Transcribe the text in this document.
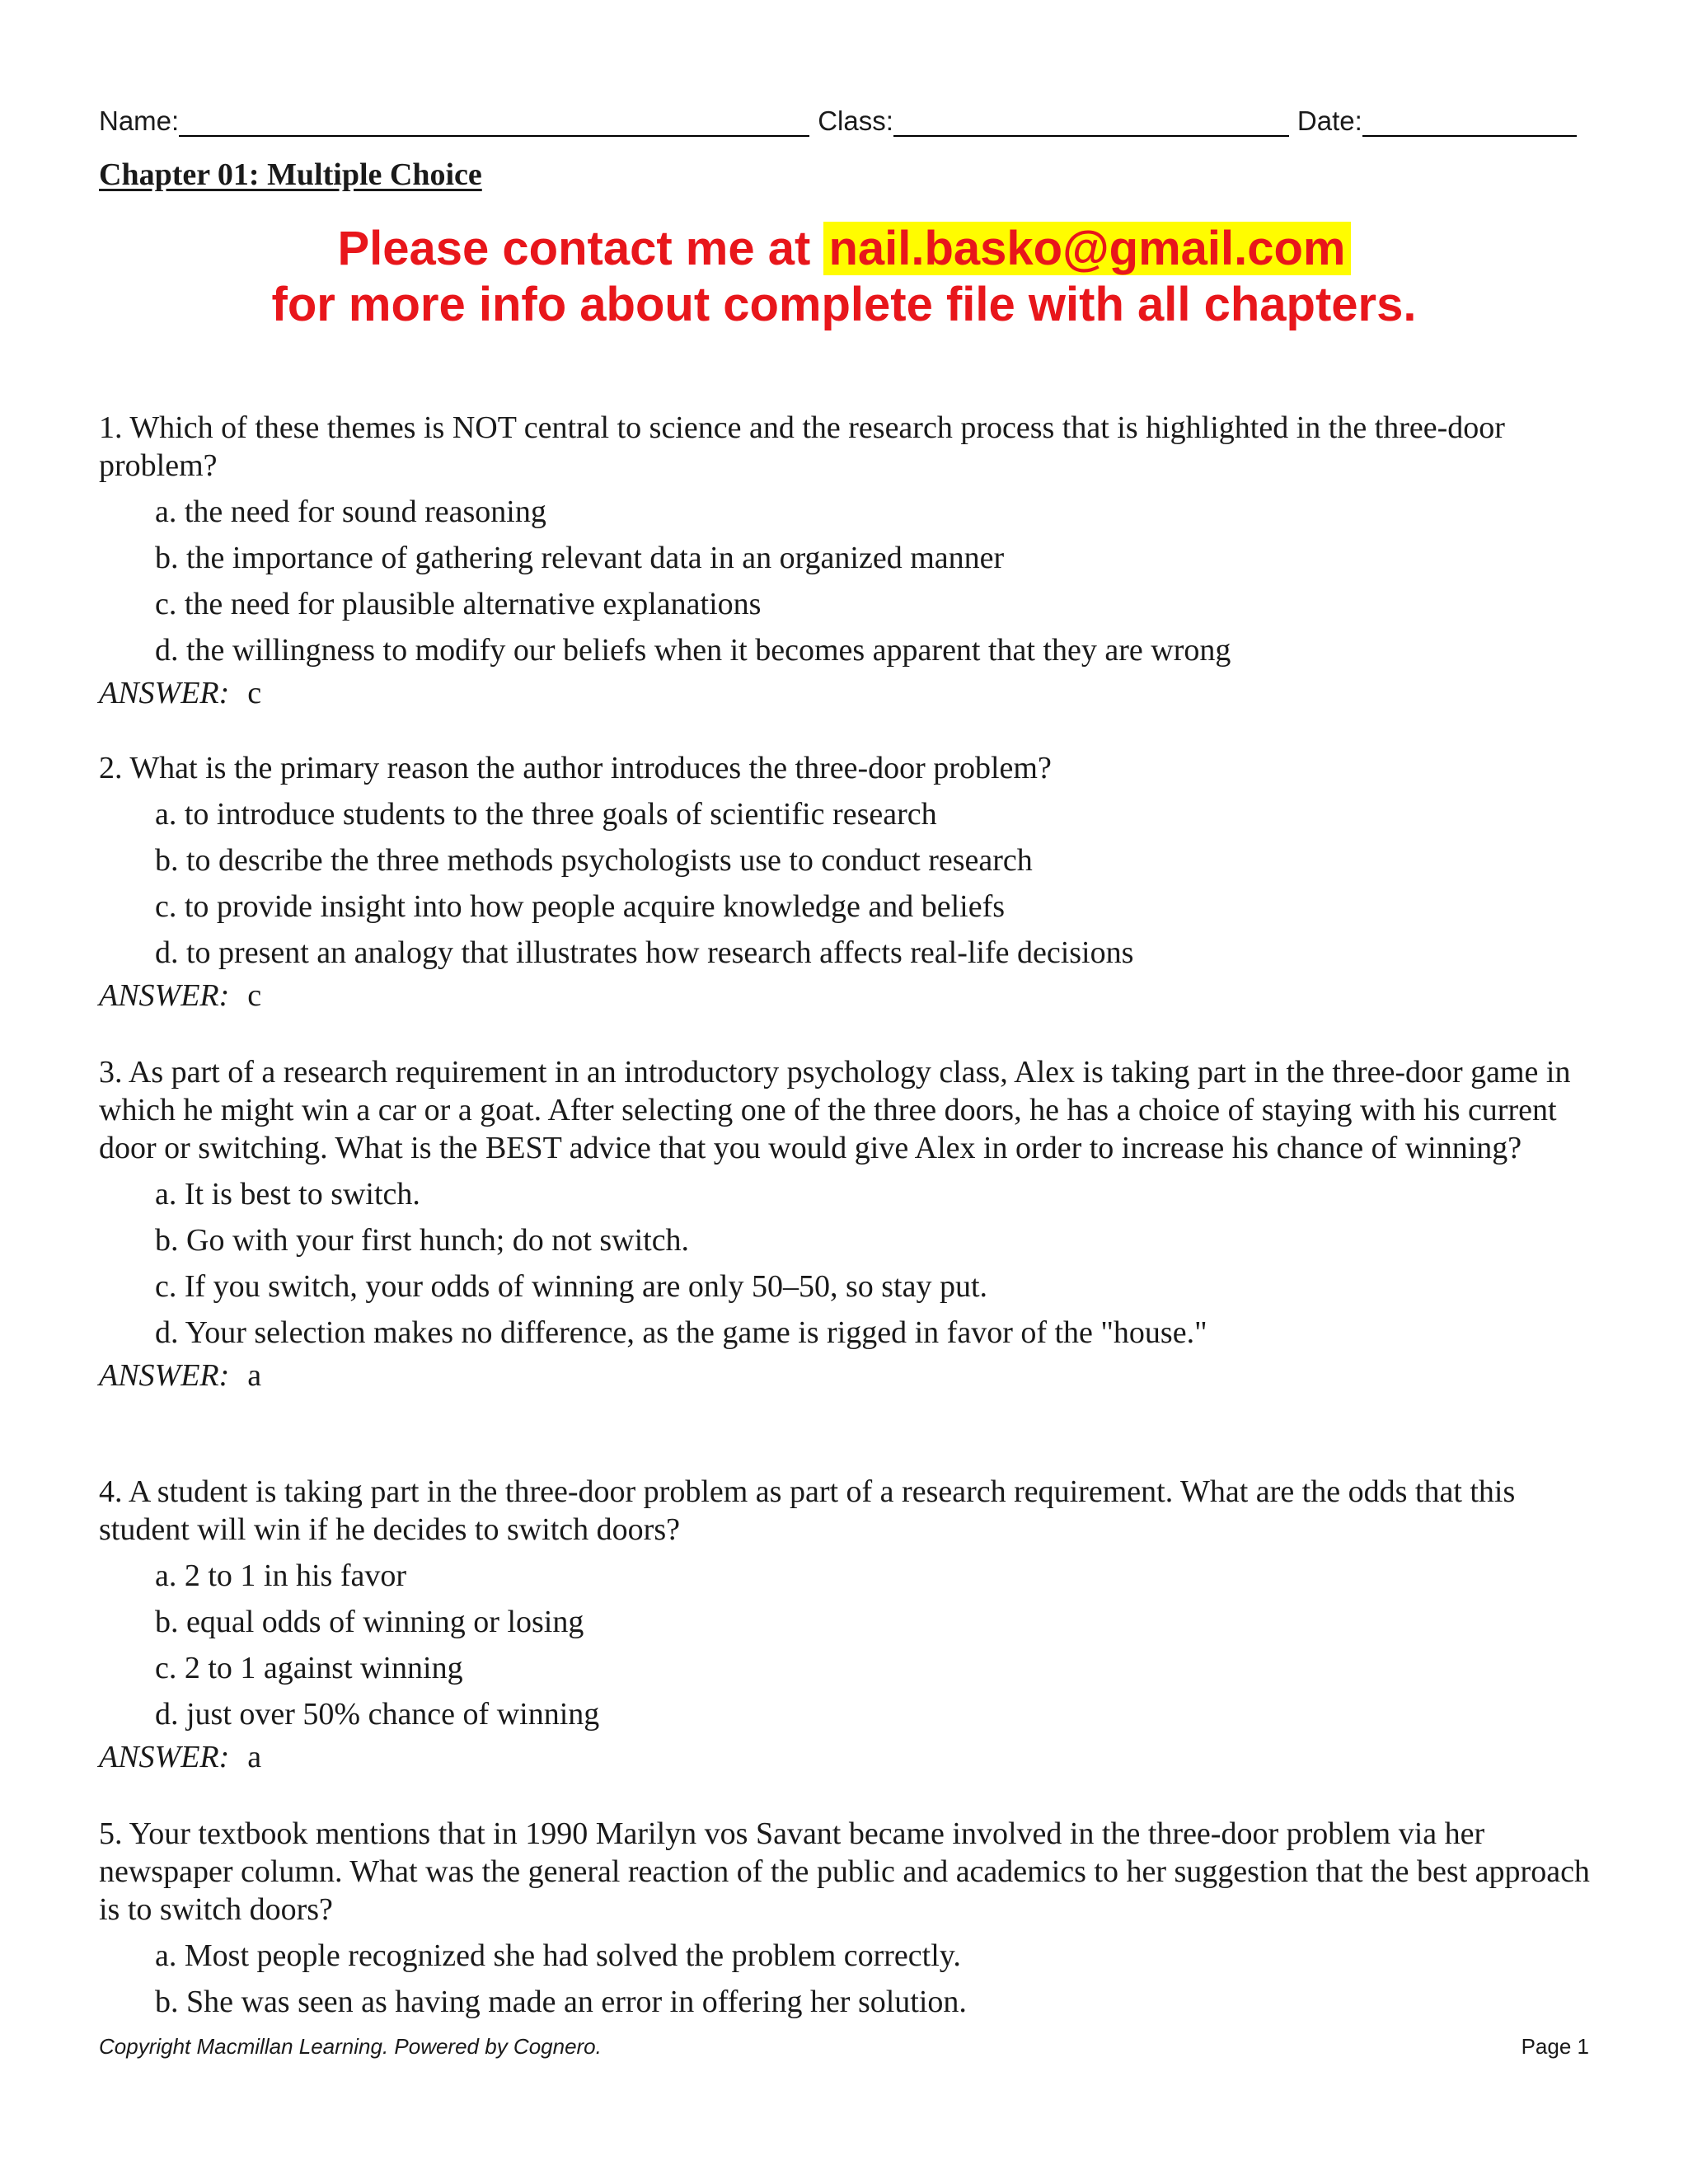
Name:	Class:	Date:
Chapter 01: Multiple Choice
Please contact me at nail.basko@gmail.com
for more info about complete file with all chapters.
1. Which of these themes is NOT central to science and the research process that is highlighted in the three-door problem?
a. the need for sound reasoning
b. the importance of gathering relevant data in an organized manner
c. the need for plausible alternative explanations
d. the willingness to modify our beliefs when it becomes apparent that they are wrong
ANSWER: c
2. What is the primary reason the author introduces the three-door problem?
a. to introduce students to the three goals of scientific research
b. to describe the three methods psychologists use to conduct research
c. to provide insight into how people acquire knowledge and beliefs
d. to present an analogy that illustrates how research affects real-life decisions
ANSWER: c
3. As part of a research requirement in an introductory psychology class, Alex is taking part in the three-door game in which he might win a car or a goat. After selecting one of the three doors, he has a choice of staying with his current door or switching. What is the BEST advice that you would give Alex in order to increase his chance of winning?
a. It is best to switch.
b. Go with your first hunch; do not switch.
c. If you switch, your odds of winning are only 50–50, so stay put.
d. Your selection makes no difference, as the game is rigged in favor of the "house."
ANSWER: a
4. A student is taking part in the three-door problem as part of a research requirement. What are the odds that this student will win if he decides to switch doors?
a. 2 to 1 in his favor
b. equal odds of winning or losing
c. 2 to 1 against winning
d. just over 50% chance of winning
ANSWER: a
5. Your textbook mentions that in 1990 Marilyn vos Savant became involved in the three-door problem via her newspaper column. What was the general reaction of the public and academics to her suggestion that the best approach is to switch doors?
a. Most people recognized she had solved the problem correctly.
b. She was seen as having made an error in offering her solution.
Copyright Macmillan Learning. Powered by Cognero.	Page 1
